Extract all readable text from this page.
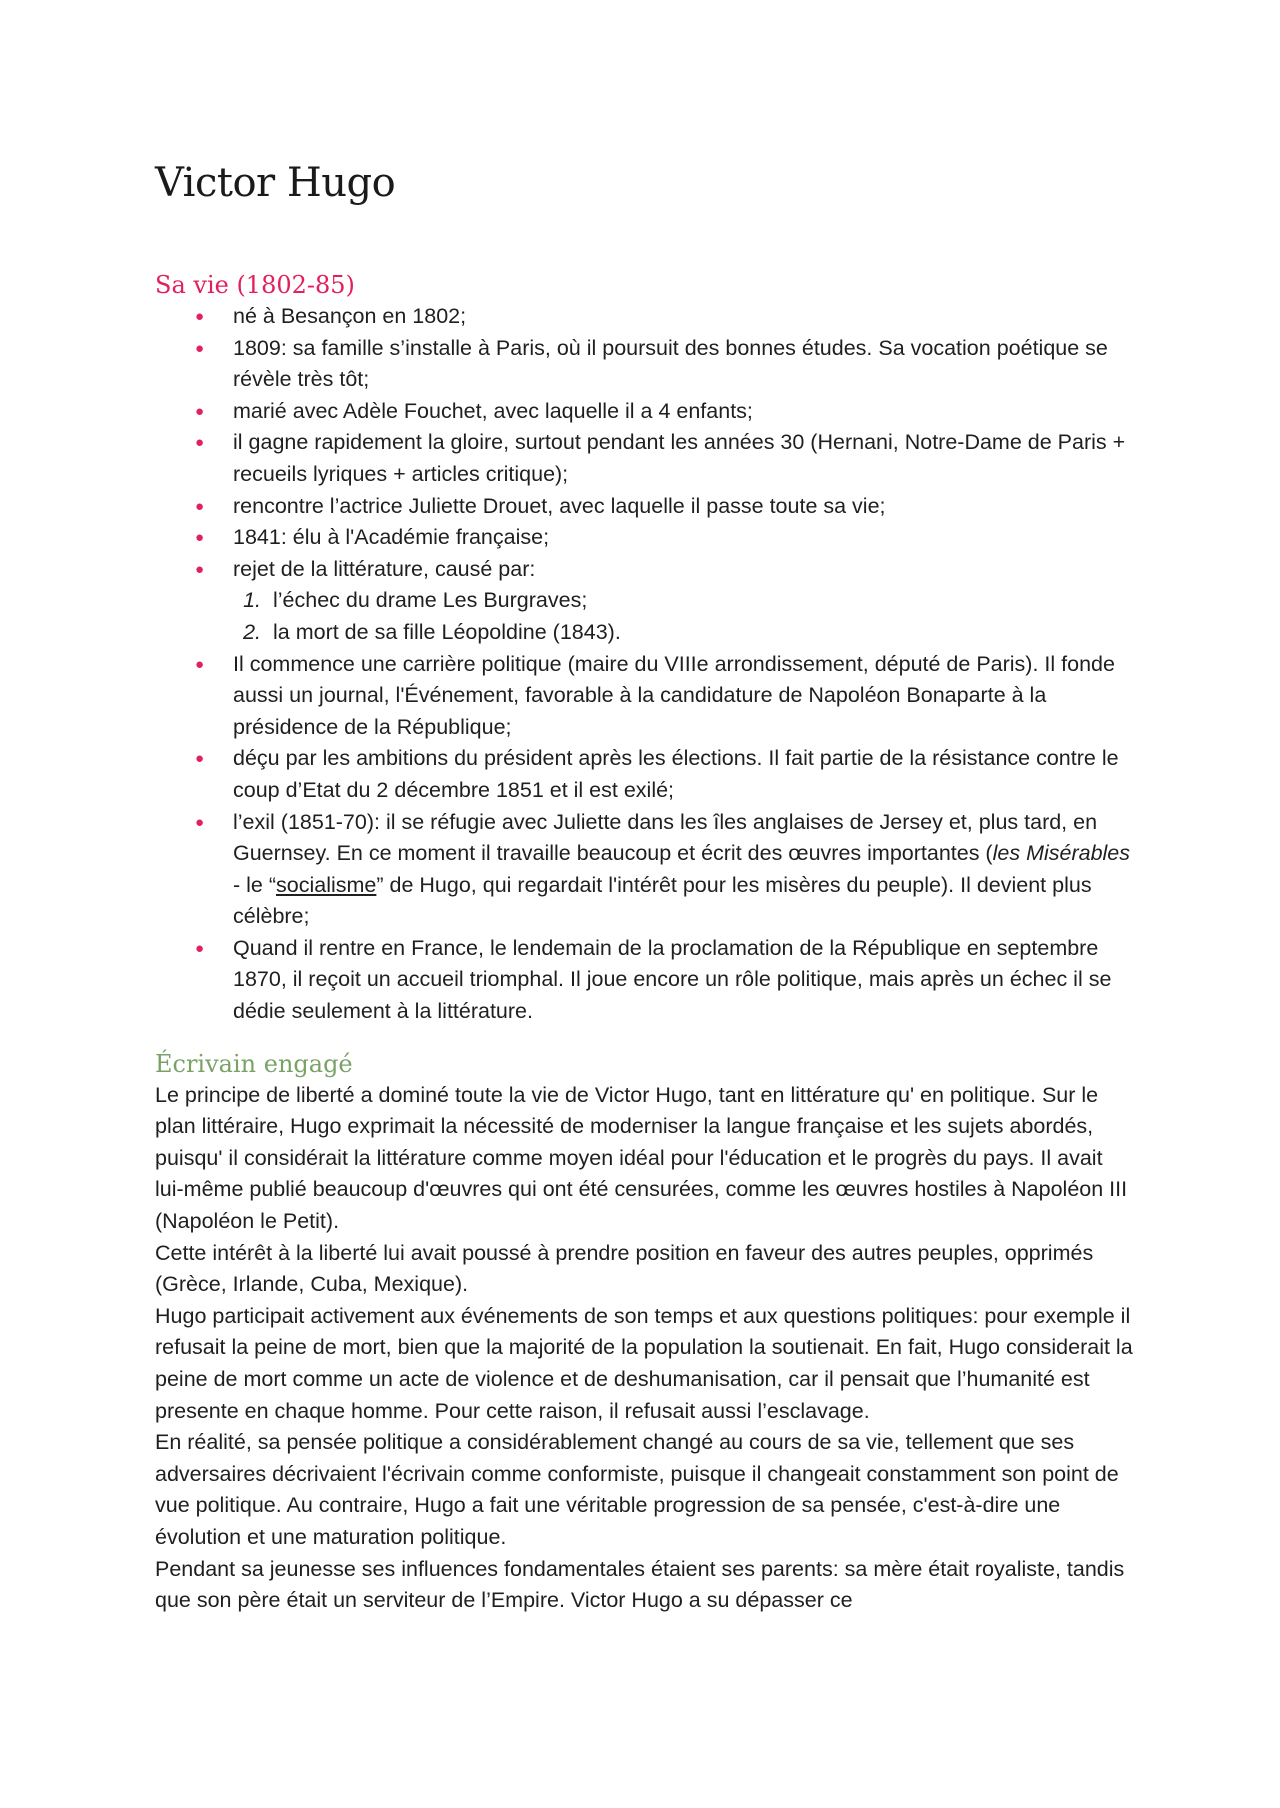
Victor Hugo
Sa vie (1802-85)
● né à Besançon en 1802;
● 1809: sa famille s’installe à Paris, où il poursuit des bonnes études. Sa vocation poétique se révèle très tôt;
● marié avec Adèle Fouchet, avec laquelle il a 4 enfants;
● il gagne rapidement la gloire, surtout pendant les années 30 (Hernani, Notre-Dame de Paris + recueils lyriques + articles critique);
● rencontre l’actrice Juliette Drouet, avec laquelle il passe toute sa vie;
● 1841: élu à l'Académie française;
● rejet de la littérature, causé par:
1. l’échec du drame Les Burgraves;
2. la mort de sa fille Léopoldine (1843).
● Il commence une carrière politique (maire du VIIIe arrondissement, député de Paris). Il fonde aussi un journal, l'Événement, favorable à la candidature de Napoléon Bonaparte à la présidence de la République;
● déçu par les ambitions du président après les élections. Il fait partie de la résistance contre le coup d’Etat du 2 décembre 1851 et il est exilé;
● l’exil (1851-70): il se réfugie avec Juliette dans les îles anglaises de Jersey et, plus tard, en Guernsey. En ce moment il travaille beaucoup et écrit des œuvres importantes (les Misérables - le “socialisme” de Hugo, qui regardait l'intérêt pour les misères du peuple). Il devient plus célèbre;
● Quand il rentre en France, le lendemain de la proclamation de la République en septembre 1870, il reçoit un accueil triomphal. Il joue encore un rôle politique, mais après un échec il se dédie seulement à la littérature.
Écrivain engagé

Le principe de liberté a dominé toute la vie de Victor Hugo, tant en littérature qu' en politique. Sur le plan littéraire, Hugo exprimait la nécessité de moderniser la langue française et les sujets abordés, puisqu' il considérait la littérature comme moyen idéal pour l'éducation et le progrès du pays. Il avait lui-même publié beaucoup d'œuvres qui ont été censurées, comme les œuvres hostiles à Napoléon III (Napoléon le Petit).

Cette intérêt à la liberté lui avait poussé à prendre position en faveur des autres peuples, opprimés (Grèce, Irlande, Cuba, Mexique).

Hugo participait activement aux événements de son temps et aux questions politiques: pour exemple il refusait la peine de mort, bien que la majorité de la population la soutienait. En fait, Hugo considerait la peine de mort comme un acte de violence et de deshumanisation, car il pensait que l’humanité est presente en chaque homme. Pour cette raison, il refusait aussi l’esclavage.

En réalité, sa pensée politique a considérablement changé au cours de sa vie, tellement que ses adversaires décrivaient l'écrivain comme conformiste, puisque il changeait constamment son point de vue politique. Au contraire, Hugo a fait une véritable progression de sa pensée, c'est-à-dire une évolution et une maturation politique.

Pendant sa jeunesse ses influences fondamentales étaient ses parents: sa mère était royaliste, tandis que son père était un serviteur de l’Empire. Victor Hugo a su dépasser ce
